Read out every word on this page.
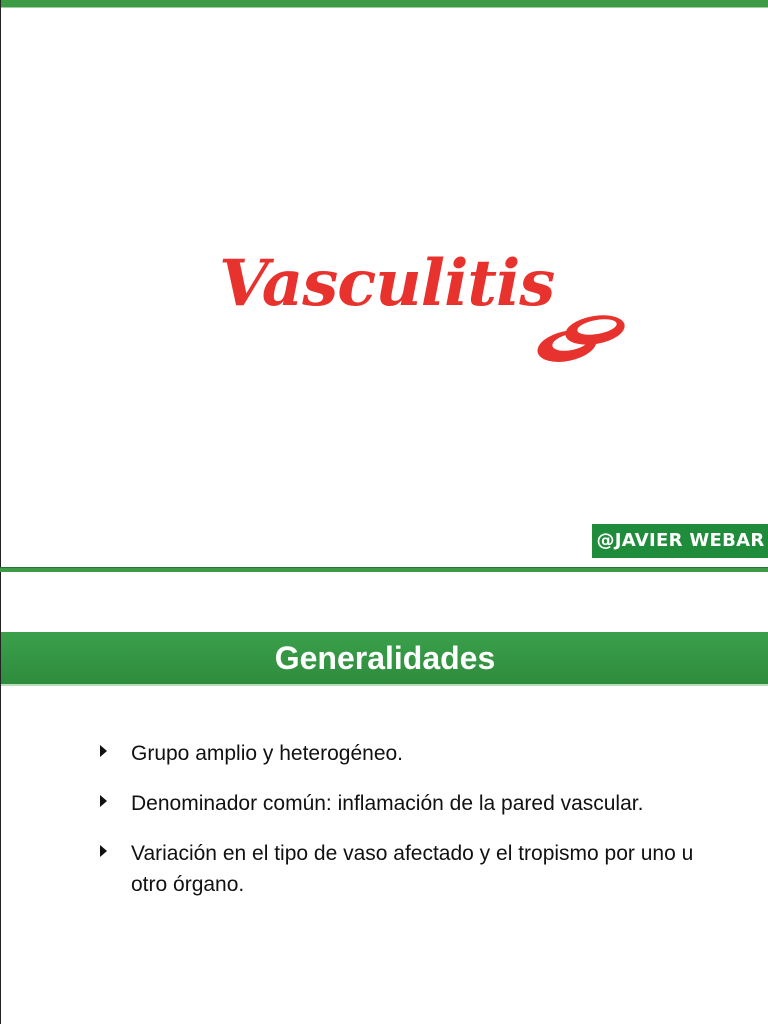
Vasculitis
@JAVIER WEBAR
Generalidades
Grupo amplio y heterogéneo.
Denominador común: inflamación de la pared vascular.
Variación en el tipo de vaso afectado y el tropismo por uno u otro órgano.
